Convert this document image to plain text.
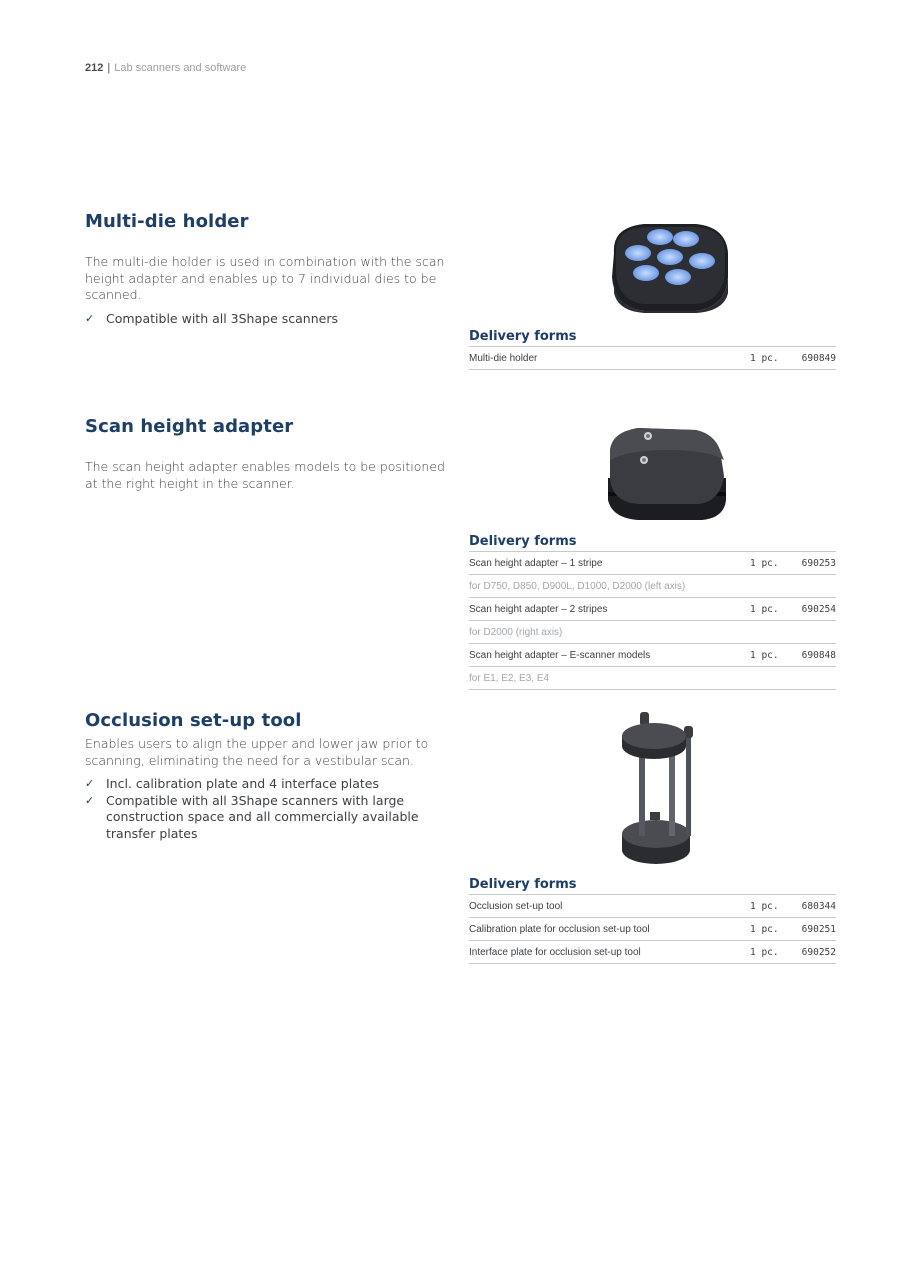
212 | Lab scanners and software
Multi-die holder
The multi-die holder is used in combination with the scan height adapter and enables up to 7 individual dies to be scanned.
✓ Compatible with all 3Shape scanners
Delivery forms
Multi-die holder	1 pc. 690849
Scan height adapter
The scan height adapter enables models to be positioned at the right height in the scanner.
Delivery forms
Scan height adapter – 1 stripe	1 pc. 690253
for D750, D850, D900L, D1000, D2000 (left axis)
Scan height adapter – 2 stripes	1 pc. 690254
for D2000 (right axis)
Scan height adapter – E-scanner models	1 pc. 690848
for E1, E2, E3, E4
Occlusion set-up tool
Enables users to align the upper and lower jaw prior to scanning, eliminating the need for a vestibular scan.
✓ Incl. calibration plate and 4 interface plates
✓ Compatible with all 3Shape scanners with large construction space and all commercially available transfer plates
Delivery forms
Occlusion set-up tool	1 pc. 680344
Calibration plate for occlusion set-up tool	1 pc. 690251
Interface plate for occlusion set-up tool	1 pc. 690252
